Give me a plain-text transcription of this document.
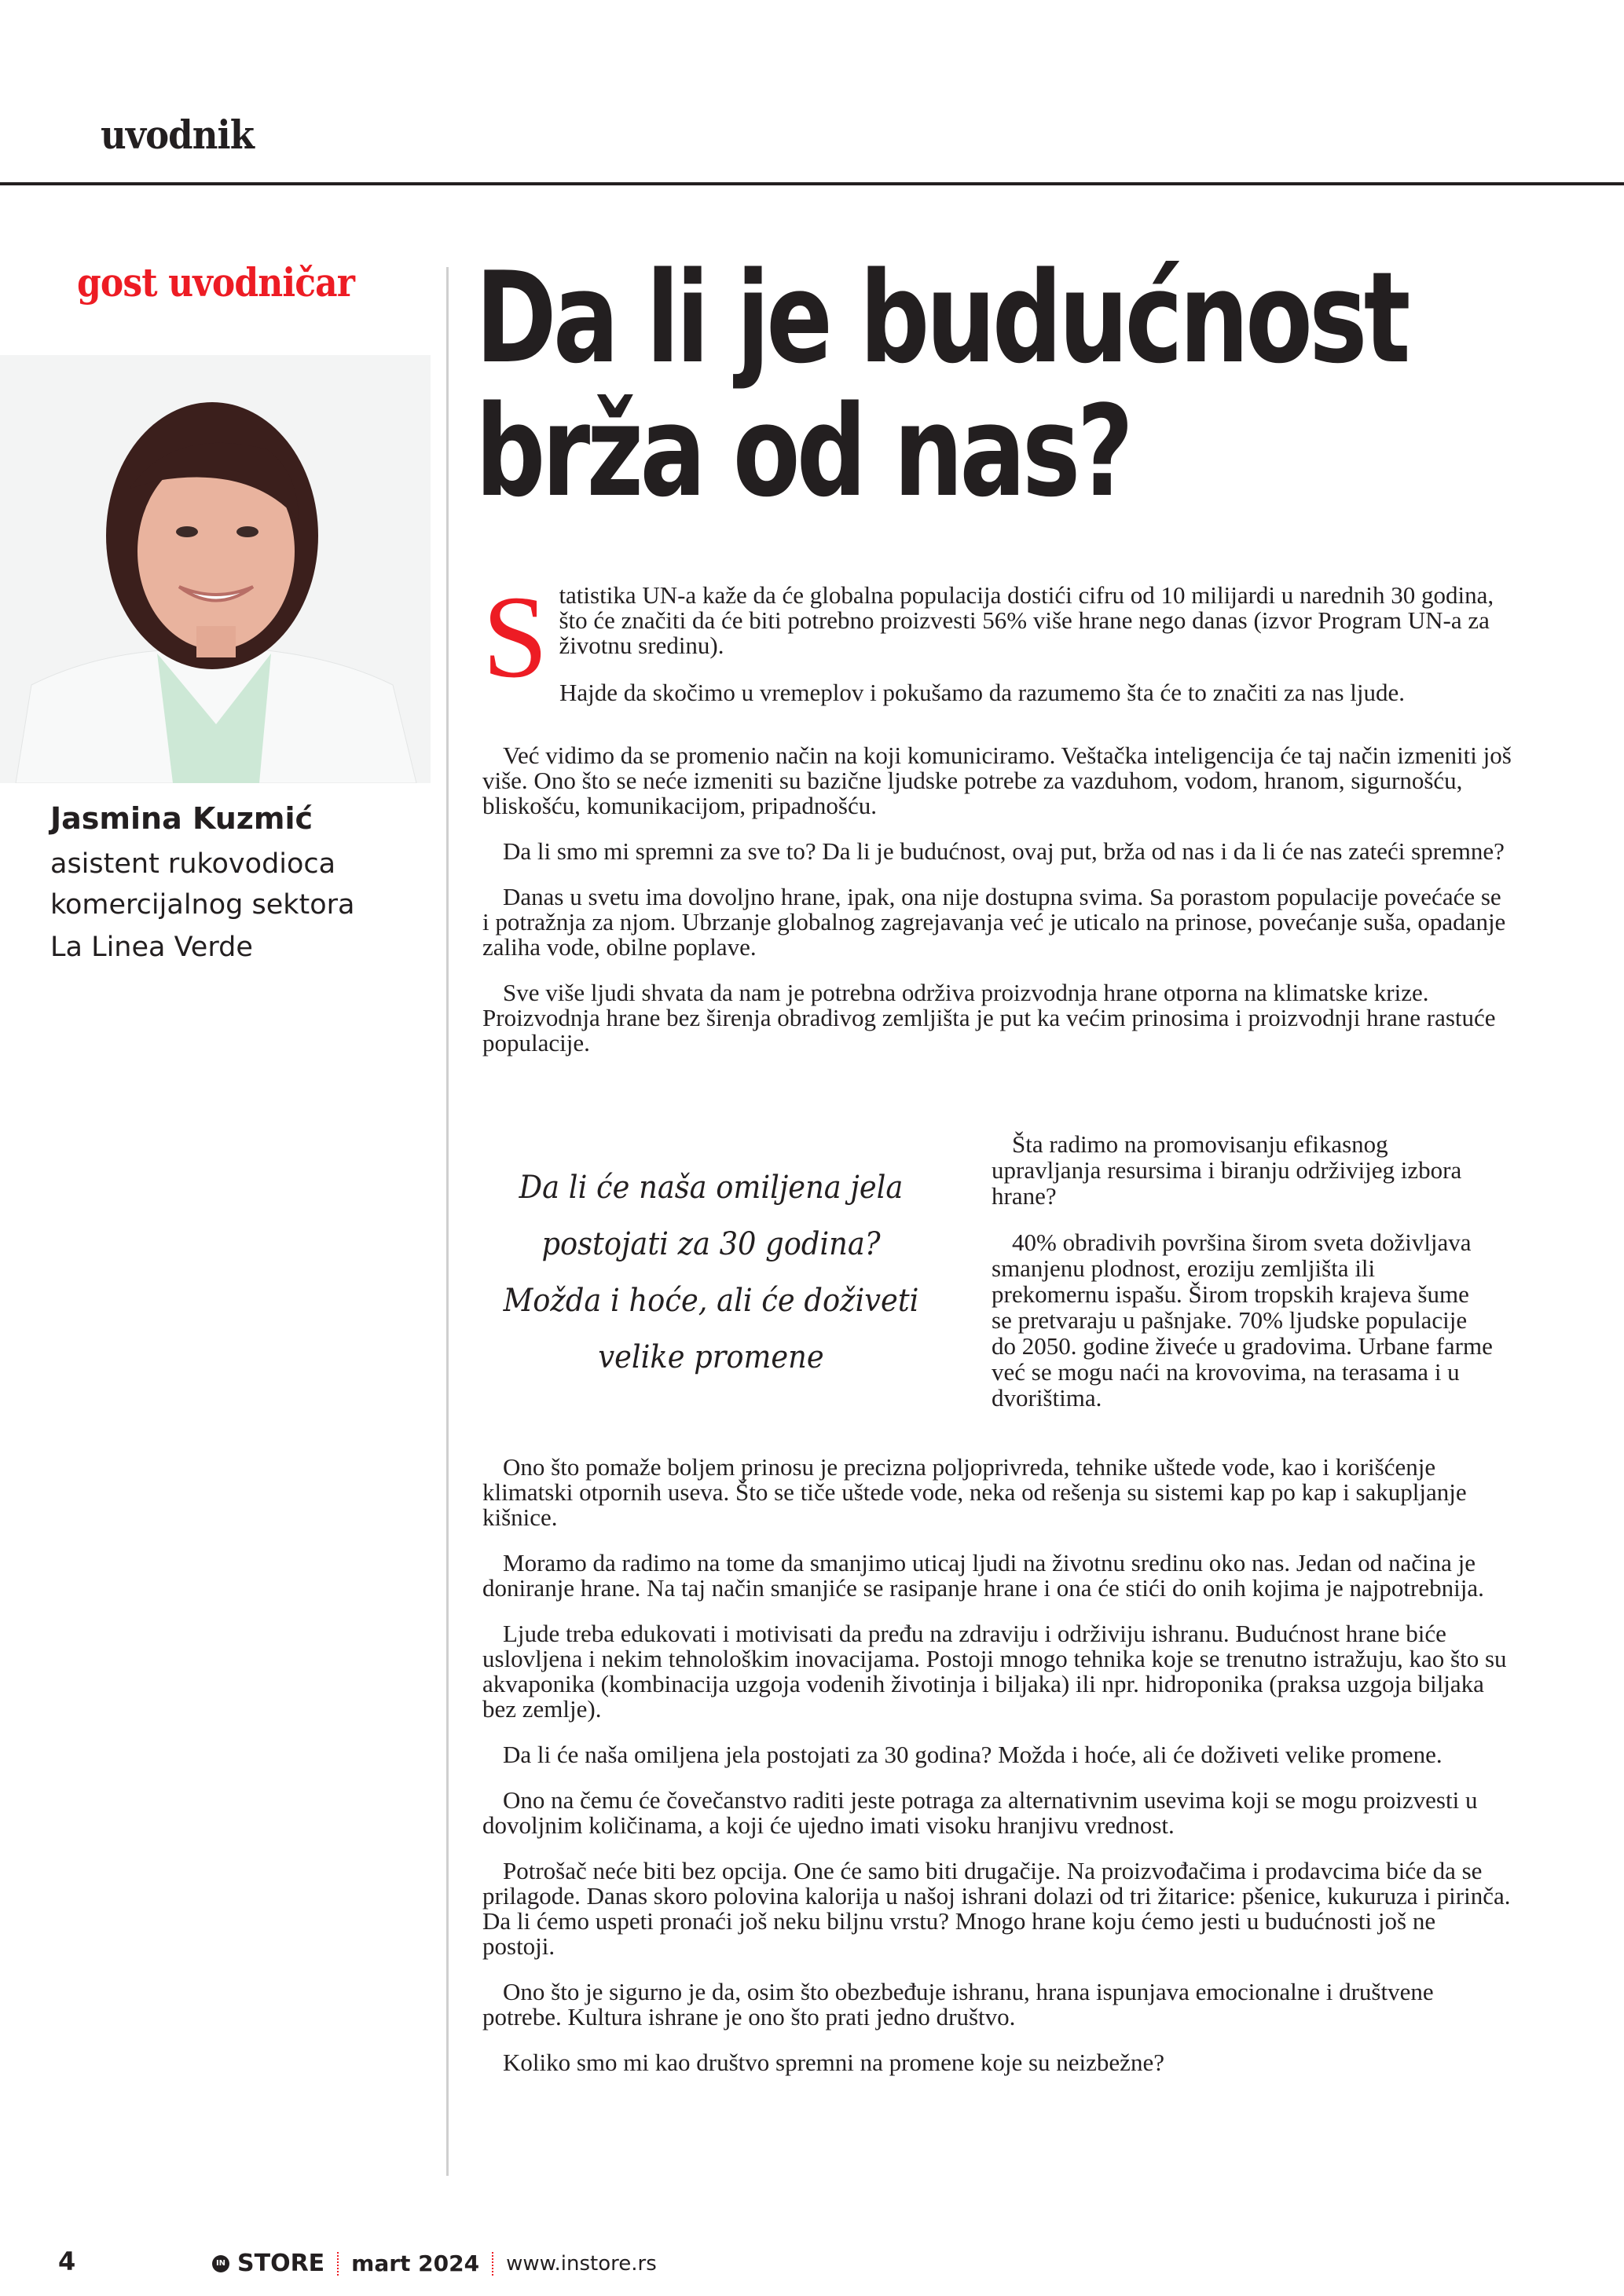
uvodnik
gost uvodničar
Jasmina Kuzmić
asistent rukovodioca
komercijalnog sektora
La Linea Verde
Da li je budućnost
brža od nas?
S tatistika UN-a kaže da će globalna populacija dostići cifru od 10 milijardi u narednih 30 godina, što će značiti da će biti potrebno proizvesti 56% više hrane nego danas (izvor Program UN-a za životnu sredinu).

Hajde da skočimo u vremeplov i pokušamo da razumemo šta će to značiti za nas ljude.

Već vidimo da se promenio način na koji komuniciramo. Veštačka inteligencija će taj način izmeniti još više. Ono što se neće izmeniti su bazične ljudske potrebe za vazduhom, vodom, hranom, sigurnošću, bliskošću, komunikacijom, pripadnošću.

Da li smo mi spremni za sve to? Da li je budućnost, ovaj put, brža od nas i da li će nas zateći spremne?

Danas u svetu ima dovoljno hrane, ipak, ona nije dostupna svima. Sa porastom populacije povećaće se i potražnja za njom. Ubrzanje globalnog zagrejavanja već je uticalo na prinose, povećanje suša, opadanje zaliha vode, obilne poplave.

Sve više ljudi shvata da nam je potrebna održiva proizvodnja hrane otporna na klimatske krize. Proizvodnja hrane bez širenja obradivog zemljišta je put ka većim prinosima i proizvodnji hrane rastuće populacije.

Da li će naša omiljena jela postojati za 30 godina? Možda i hoće, ali će doživeti velike promene

Šta radimo na promovisanju efikasnog upravljanja resursima i biranju održivijeg izbora hrane?

40% obradivih površina širom sveta doživljava smanjenu plodnost, eroziju zemljišta ili prekomernu ispašu. Širom tropskih krajeva šume se pretvaraju u pašnjake. 70% ljudske populacije do 2050. godine živeće u gradovima. Urbane farme već se mogu naći na krovovima, na terasama i u dvorištima.

Ono što pomaže boljem prinosu je precizna poljoprivreda, tehnike uštede vode, kao i korišćenje klimatski otpornih useva. Što se tiče uštede vode, neka od rešenja su sistemi kap po kap i sakupljanje kišnice.

Moramo da radimo na tome da smanjimo uticaj ljudi na životnu sredinu oko nas. Jedan od načina je doniranje hrane. Na taj način smanjiće se rasipanje hrane i ona će stići do onih kojima je najpotrebnija.

Ljude treba edukovati i motivisati da pređu na zdraviju i održiviju ishranu. Budućnost hrane biće uslovljena i nekim tehnološkim inovacijama. Postoji mnogo tehnika koje se trenutno istražuju, kao što su akvaponika (kombinacija uzgoja vodenih životinja i biljaka) ili npr. hidroponika (praksa uzgoja biljaka bez zemlje).

Da li će naša omiljena jela postojati za 30 godina? Možda i hoće, ali će doživeti velike promene.

Ono na čemu će čovečanstvo raditi jeste potraga za alternativnim usevima koji se mogu proizvesti u dovoljnim količinama, a koji će ujedno imati visoku hranjivu vrednost.

Potrošač neće biti bez opcija. One će samo biti drugačije. Na proizvođačima i prodavcima biće da se prilagode. Danas skoro polovina kalorija u našoj ishrani dolazi od tri žitarice: pšenice, kukuruza i pirinča. Da li ćemo uspeti pronaći još neku biljnu vrstu? Mnogo hrane koju ćemo jesti u budućnosti još ne postoji.

Ono što je sigurno je da, osim što obezbeđuje ishranu, hrana ispunjava emocionalne i društvene potrebe. Kultura ishrane je ono što prati jedno društvo.

Koliko smo mi kao društvo spremni na promene koje su neizbežne?

4	IN STORE mart 2024 www.instore.rs
